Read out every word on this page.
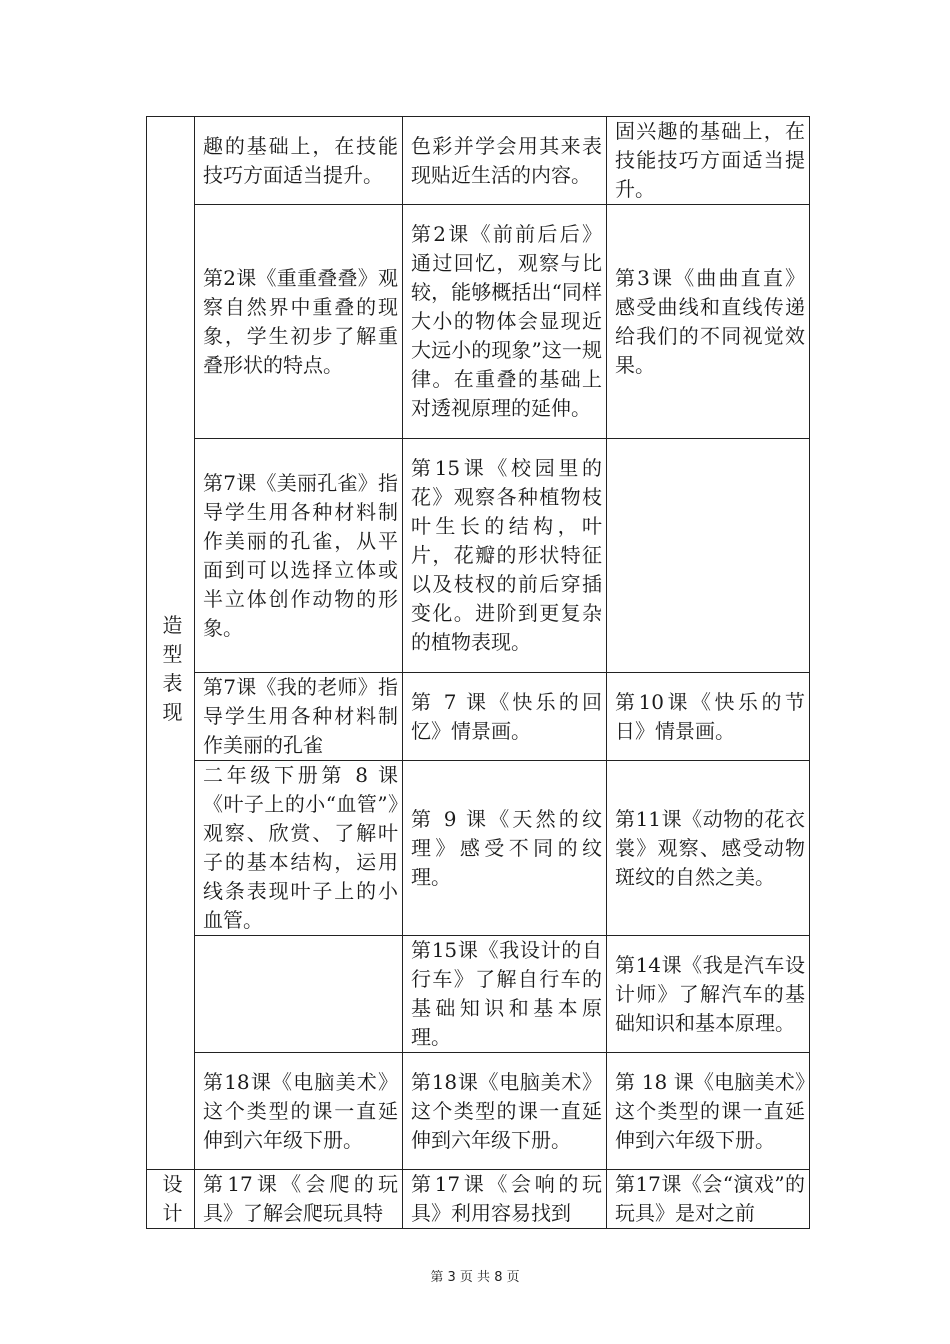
造型表现	趣的基础上，在技能技巧方面适当提升。	色彩并学会用其来表现贴近生活的内容。	固兴趣的基础上，在技能技巧方面适当提升。
	第2课《重重叠叠》观察自然界中重叠的现象，学生初步了解重叠形状的特点。	第2课《前前后后》通过回忆，观察与比较，能够概括出“同样大小的物体会显现近大远小的现象”这一规律。在重叠的基础上对透视原理的延伸。	第3课《曲曲直直》感受曲线和直线传递给我们的不同视觉效果。
	第7课《美丽孔雀》指导学生用各种材料制作美丽的孔雀，从平面到可以选择立体或半立体创作动物的形象。	第15课《校园里的花》观察各种植物枝叶生长的结构，叶片，花瓣的形状特征以及枝杈的前后穿插变化。进阶到更复杂的植物表现。	
	第7课《我的老师》指导学生用各种材料制作美丽的孔雀	第 7 课《快乐的回忆》情景画。	第10课《快乐的节日》情景画。
	二年级下册第 8 课《叶子上的小“血管”》观察、欣赏、了解叶子的基本结构，运用线条表现叶子上的小血管。	第 9 课《天然的纹理》感受不同的纹理。	第11课《动物的花衣裳》观察、感受动物斑纹的自然之美。
		第15课《我设计的自行车》了解自行车的基础知识和基本原理。	第14课《我是汽车设计师》了解汽车的基础知识和基本原理。
	第18课《电脑美术》这个类型的课一直延伸到六年级下册。	第18课《电脑美术》这个类型的课一直延伸到六年级下册。	第 18 课《电脑美术》这个类型的课一直延伸到六年级下册。

设计	第17课《会爬的玩具》了解会爬玩具特	第17课《会响的玩具》利用容易找到	第17课《会“演戏”的玩具》是对之前
第 3 页 共 8 页
